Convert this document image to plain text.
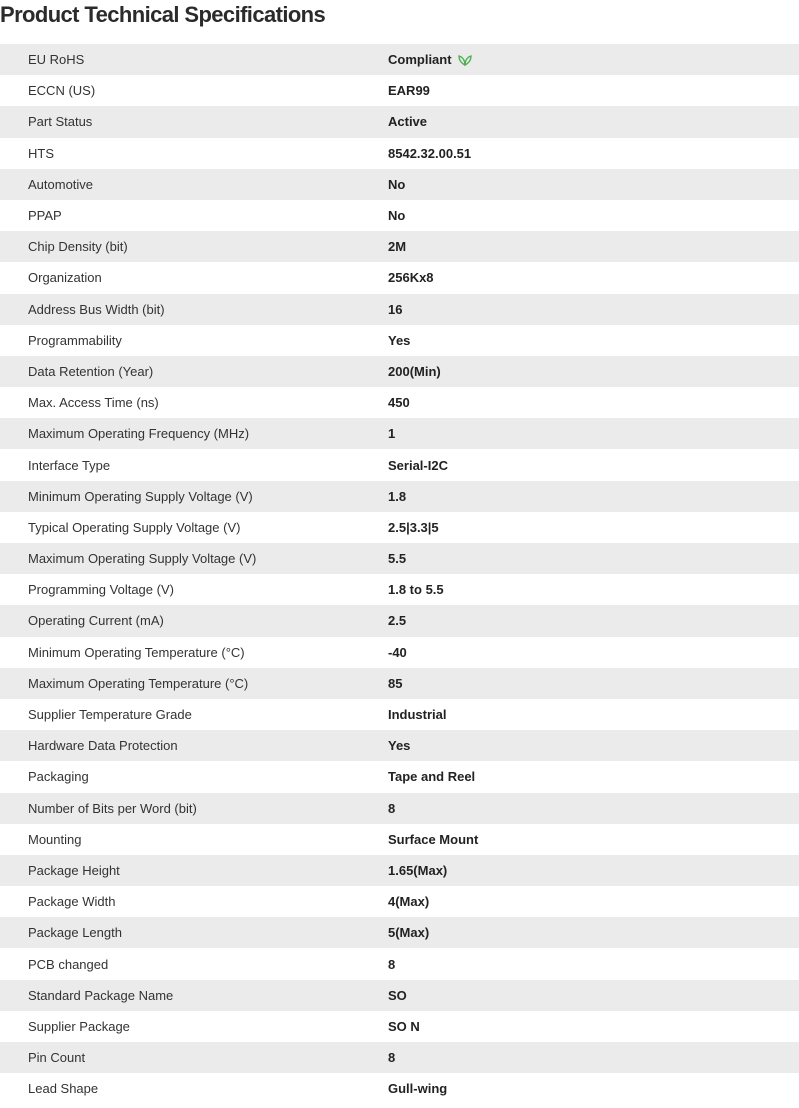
Product Technical Specifications
EU RoHS	Compliant
ECCN (US)	EAR99
Part Status	Active
HTS	8542.32.00.51
Automotive	No
PPAP	No
Chip Density (bit)	2M
Organization	256Kx8
Address Bus Width (bit)	16
Programmability	Yes
Data Retention (Year)	200(Min)
Max. Access Time (ns)	450
Maximum Operating Frequency (MHz)	1
Interface Type	Serial-I2C
Minimum Operating Supply Voltage (V)	1.8
Typical Operating Supply Voltage (V)	2.5|3.3|5
Maximum Operating Supply Voltage (V)	5.5
Programming Voltage (V)	1.8 to 5.5
Operating Current (mA)	2.5
Minimum Operating Temperature (°C)	-40
Maximum Operating Temperature (°C)	85
Supplier Temperature Grade	Industrial
Hardware Data Protection	Yes
Packaging	Tape and Reel
Number of Bits per Word (bit)	8
Mounting	Surface Mount
Package Height	1.65(Max)
Package Width	4(Max)
Package Length	5(Max)
PCB changed	8
Standard Package Name	SO
Supplier Package	SO N
Pin Count	8
Lead Shape	Gull-wing
